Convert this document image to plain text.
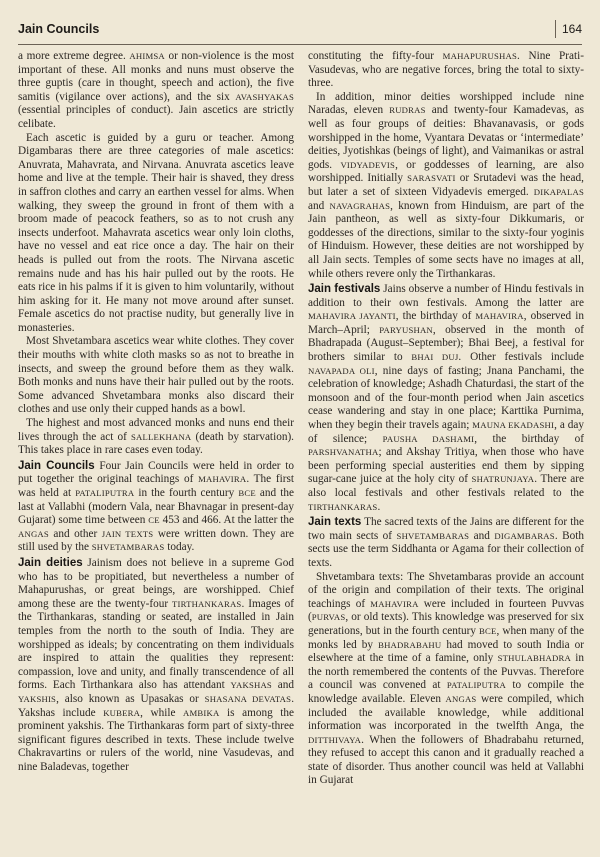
Jain Councils	164

a more extreme degree. AHIMSA or non-violence is the most important of these. All monks and nuns must observe the three guptis (care in thought, speech and action), the five samitis (vigilance over actions), and the six AVASHYAKAS (essential principles of conduct). Jain ascetics are strictly celibate.

Each ascetic is guided by a guru or teacher. Among Digambaras there are three categories of male ascetics: Anuvrata, Mahavrata, and Nirvana. Anuvrata ascetics leave home and live at the temple. Their hair is shaved, they dress in saffron clothes and carry an earthen vessel for alms. When walking, they sweep the ground in front of them with a broom made of peacock feathers, so as to not crush any insects underfoot. Mahavrata ascetics wear only loin cloths, have no vessel and eat rice once a day. The hair on their heads is pulled out from the roots. The Nirvana ascetic remains nude and has his hair pulled out by the roots. He eats rice in his palms if it is given to him voluntarily, without him asking for it. He many not move around after sunset. Female ascetics do not practise nudity, but generally live in monasteries.

Most Shvetambara ascetics wear white clothes. They cover their mouths with white cloth masks so as not to breathe in insects, and sweep the ground before them as they walk. Both monks and nuns have their hair pulled out by the roots. Some advanced Shvetambara monks also discard their clothes and use only their cupped hands as a bowl.

The highest and most advanced monks and nuns end their lives through the act of SALLEKHANA (death by starvation). This takes place in rare cases even today.

Jain Councils Four Jain Councils were held in order to put together the original teachings of MAHAVIRA. The first was held at PATALIPUTRA in the fourth century BCE and the last at Vallabhi (modern Vala, near Bhavnagar in present-day Gujarat) some time between CE 453 and 466. At the latter the ANGAS and other JAIN TEXTS were written down. They are still used by the SHVETAMBARAS today.

Jain deities Jainism does not believe in a supreme God who has to be propitiated, but nevertheless a number of Mahapurushas, or great beings, are worshipped. Chief among these are the twenty-four TIRTHANKARAS. Images of the Tirthankaras, standing or seated, are installed in Jain temples from the north to the south of India. They are worshipped as ideals; by concentrating on them individuals are inspired to attain the qualities they represent: compassion, love and unity, and finally transcendence of all forms. Each Tirthankara also has attendant YAKSHAS and YAKSHIS, also known as Upasakas or SHASANA DEVATAS. Yakshas include KUBERA, while AMBIKA is among the prominent yakshis. The Tirthankaras form part of sixty-three significant figures described in texts. These include twelve Chakravartins or rulers of the world, nine Vasudevas, and nine Baladevas, together

constituting the fifty-four MAHAPURUSHAS. Nine Prati-Vasudevas, who are negative forces, bring the total to sixty-three.

In addition, minor deities worshipped include nine Naradas, eleven RUDRAS and twenty-four Kamadevas, as well as four groups of deities: Bhavanavasis, or gods worshipped in the home, Vyantara Devatas or ‘intermediate’ deities, Jyotishkas (beings of light), and Vaimanikas or astral gods. VIDYADEVIS, or goddesses of learning, are also worshipped. Initially SARASVATI or Srutadevi was the head, but later a set of sixteen Vidyadevis emerged. DIKAPALAS and NAVAGRAHAS, known from Hinduism, are part of the Jain pantheon, as well as sixty-four Dikkumaris, or goddesses of the directions, similar to the sixty-four yoginis of Hinduism. However, these deities are not worshipped by all Jain sects. Temples of some sects have no images at all, while others revere only the Tirthankaras.

Jain festivals Jains observe a number of Hindu festivals in addition to their own festivals. Among the latter are MAHAVIRA JAYANTI, the birthday of MAHAVIRA, observed in March–April; PARYUSHAN, observed in the month of Bhadrapada (August–September); Bhai Beej, a festival for brothers similar to BHAI DUJ. Other festivals include NAVAPADA OLI, nine days of fasting; Jnana Panchami, the celebration of knowledge; Ashadh Chaturdasi, the start of the monsoon and of the four-month period when Jain ascetics cease wandering and stay in one place; Karttika Purnima, when they begin their travels again; MAUNA EKADASHI, a day of silence; PAUSHA DASHAMI, the birthday of PARSHVANATHA; and Akshay Tritiya, when those who have been performing special austerities end them by sipping sugar-cane juice at the holy city of SHATRUNJAYA. There are also local festivals and other festivals related to the TIRTHANKARAS.

Jain texts The sacred texts of the Jains are different for the two main sects of SHVETAMBARAS and DIGAMBARAS. Both sects use the term Siddhanta or Agama for their collection of texts.

Shvetambara texts: The Shvetambaras provide an account of the origin and compilation of their texts. The original teachings of MAHAVIRA were included in fourteen Puvvas (PURVAS, or old texts). This knowledge was preserved for six generations, but in the fourth century BCE, when many of the monks led by BHADRABAHU had moved to south India or elsewhere at the time of a famine, only STHULABHADRA in the north remembered the contents of the Puvvas. Therefore a council was convened at PATALIPUTRA to compile the knowledge available. Eleven ANGAS were compiled, which included the available knowledge, while additional information was incorporated in the twelfth Anga, the DITTHIVAYA. When the followers of Bhadrabahu returned, they refused to accept this canon and it gradually reached a state of disorder. Thus another council was held at Vallabhi in Gujarat
